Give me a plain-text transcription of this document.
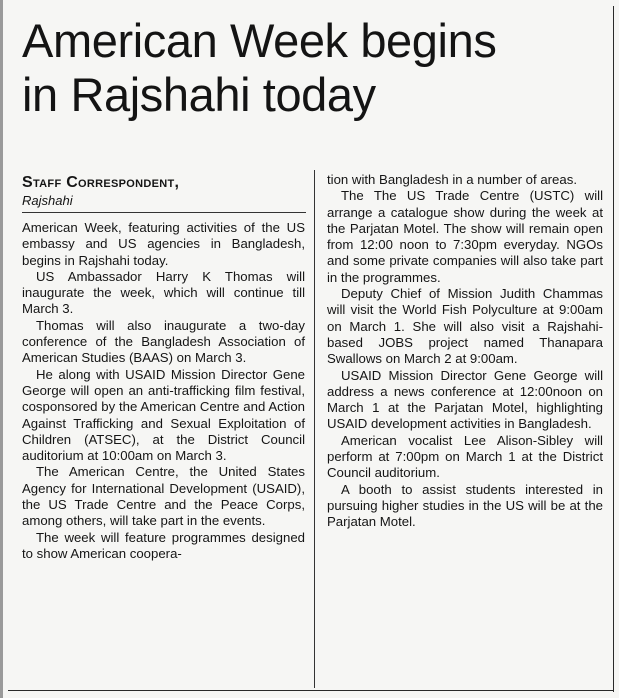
American Week begins
in Rajshahi today
Staff Correspondent,
Rajshahi

American Week, featuring activities of the US embassy and US agencies in Bangladesh, begins in Rajshahi today.

US Ambassador Harry K Thomas will inaugurate the week, which will continue till March 3.

Thomas will also inaugurate a two-day conference of the Bangladesh Association of American Studies (BAAS) on March 3.

He along with USAID Mission Director Gene George will open an anti-trafficking film festival, cosponsored by the American Centre and Action Against Trafficking and Sexual Exploitation of Children (ATSEC), at the District Council auditorium at 10:00am on March 3.

The American Centre, the United States Agency for International Development (USAID), the US Trade Centre and the Peace Corps, among others, will take part in the events.

The week will feature programmes designed to show American coopera-

tion with Bangladesh in a number of areas.

The The US Trade Centre (USTC) will arrange a catalogue show during the week at the Parjatan Motel. The show will remain open from 12:00 noon to 7:30pm everyday. NGOs and some private companies will also take part in the programmes.

Deputy Chief of Mission Judith Chammas will visit the World Fish Polyculture at 9:00am on March 1. She will also visit a Rajshahi-based JOBS project named Thanapara Swallows on March 2 at 9:00am.

USAID Mission Director Gene George will address a news conference at 12:00noon on March 1 at the Parjatan Motel, highlighting USAID development activities in Bangladesh.

American vocalist Lee Alison-Sibley will perform at 7:00pm on March 1 at the District Council auditorium.

A booth to assist students interested in pursuing higher studies in the US will be at the Parjatan Motel.
